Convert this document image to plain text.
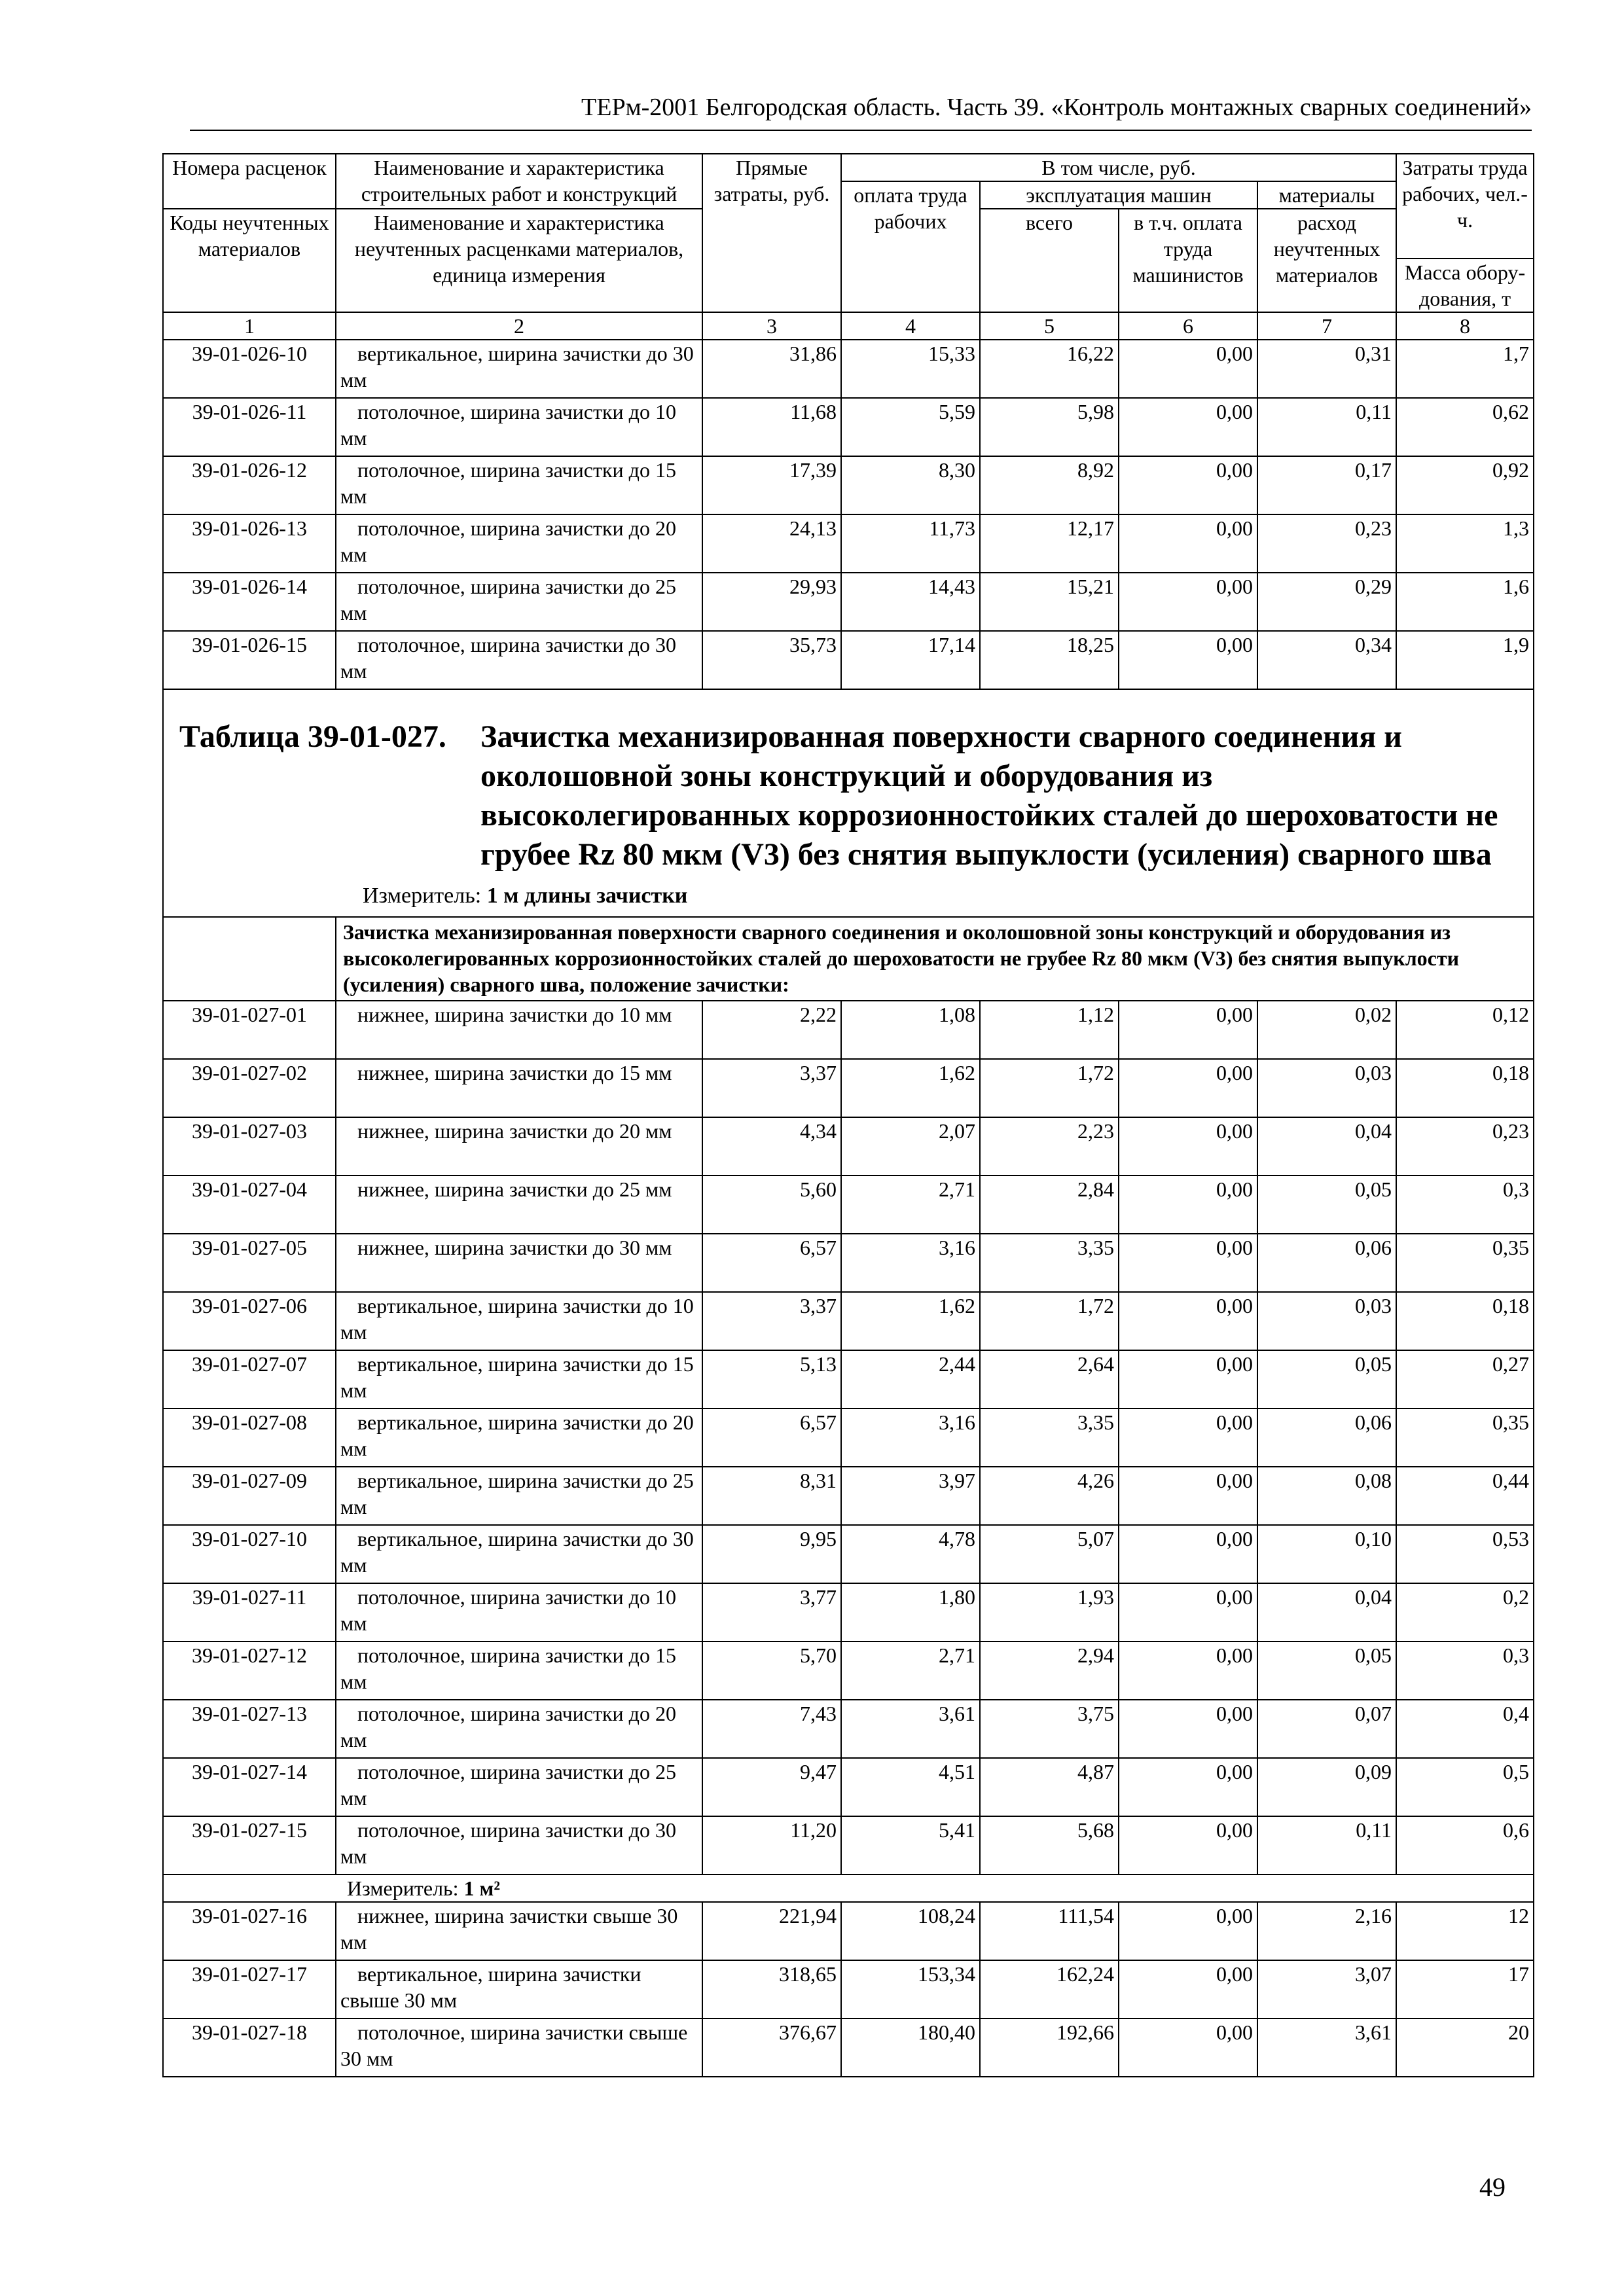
ТЕРм-2001 Белгородская область. Часть 39. «Контроль монтажных сварных соединений»
Номера расценок	Наименование и характеристика строительных работ и конструкций	Прямые затраты, руб.	В том числе, руб.				Затраты труда рабочих, чел.-ч.
			оплата труда рабочих	эксплуатация машин		материалы	
Коды неучтенных материалов	Наименование и характеристика неучтенных расценками материалов, единица измерения			всего	в т.ч. оплата труда машинистов	расход неучтенных материалов	
							Масса обору-дования, т
1	2	3	4	5	6	7	8
39-01-026-10	вертикальное, ширина зачистки до 30 мм	31,86	15,33	16,22	0,00	0,31	1,7
39-01-026-11	потолочное, ширина зачистки до 10 мм	11,68	5,59	5,98	0,00	0,11	0,62
39-01-026-12	потолочное, ширина зачистки до 15 мм	17,39	8,30	8,92	0,00	0,17	0,92
39-01-026-13	потолочное, ширина зачистки до 20 мм	24,13	11,73	12,17	0,00	0,23	1,3
39-01-026-14	потолочное, ширина зачистки до 25 мм	29,93	14,43	15,21	0,00	0,29	1,6
39-01-026-15	потолочное, ширина зачистки до 30 мм	35,73	17,14	18,25	0,00	0,34	1,9

Таблица 39-01-027. Зачистка механизированная поверхности сварного соединения и околошовной зоны конструкций и оборудования из высоколегированных коррозионностойких сталей до шероховатости не грубее Rz 80 мкм (V3) без снятия выпуклости (усиления) сварного шва
Измеритель: 1 м длины зачистки							

	Зачистка механизированная поверхности сварного соединения и околошовной зоны конструкций и оборудования из высоколегированных коррозионностойких сталей до шероховатости не грубее Rz 80 мкм (V3) без снятия выпуклости (усиления) сварного шва, положение зачистки:						
39-01-027-01	нижнее, ширина зачистки до 10 мм	2,22	1,08	1,12	0,00	0,02	0,12
39-01-027-02	нижнее, ширина зачистки до 15 мм	3,37	1,62	1,72	0,00	0,03	0,18
39-01-027-03	нижнее, ширина зачистки до 20 мм	4,34	2,07	2,23	0,00	0,04	0,23
39-01-027-04	нижнее, ширина зачистки до 25 мм	5,60	2,71	2,84	0,00	0,05	0,3
39-01-027-05	нижнее, ширина зачистки до 30 мм	6,57	3,16	3,35	0,00	0,06	0,35
39-01-027-06	вертикальное, ширина зачистки до 10 мм	3,37	1,62	1,72	0,00	0,03	0,18
39-01-027-07	вертикальное, ширина зачистки до 15 мм	5,13	2,44	2,64	0,00	0,05	0,27
39-01-027-08	вертикальное, ширина зачистки до 20 мм	6,57	3,16	3,35	0,00	0,06	0,35
39-01-027-09	вертикальное, ширина зачистки до 25 мм	8,31	3,97	4,26	0,00	0,08	0,44
39-01-027-10	вертикальное, ширина зачистки до 30 мм	9,95	4,78	5,07	0,00	0,10	0,53
39-01-027-11	потолочное, ширина зачистки до 10 мм	3,77	1,80	1,93	0,00	0,04	0,2
39-01-027-12	потолочное, ширина зачистки до 15 мм	5,70	2,71	2,94	0,00	0,05	0,3
39-01-027-13	потолочное, ширина зачистки до 20 мм	7,43	3,61	3,75	0,00	0,07	0,4
39-01-027-14	потолочное, ширина зачистки до 25 мм	9,47	4,51	4,87	0,00	0,09	0,5
39-01-027-15	потолочное, ширина зачистки до 30 мм	11,20	5,41	5,68	0,00	0,11	0,6
Измеритель: 1 м²							
39-01-027-16	нижнее, ширина зачистки свыше 30 мм	221,94	108,24	111,54	0,00	2,16	12
39-01-027-17	вертикальное, ширина зачистки свыше 30 мм	318,65	153,34	162,24	0,00	3,07	17
39-01-027-18	потолочное, ширина зачистки свыше 30 мм	376,67	180,40	192,66	0,00	3,61	20
49
